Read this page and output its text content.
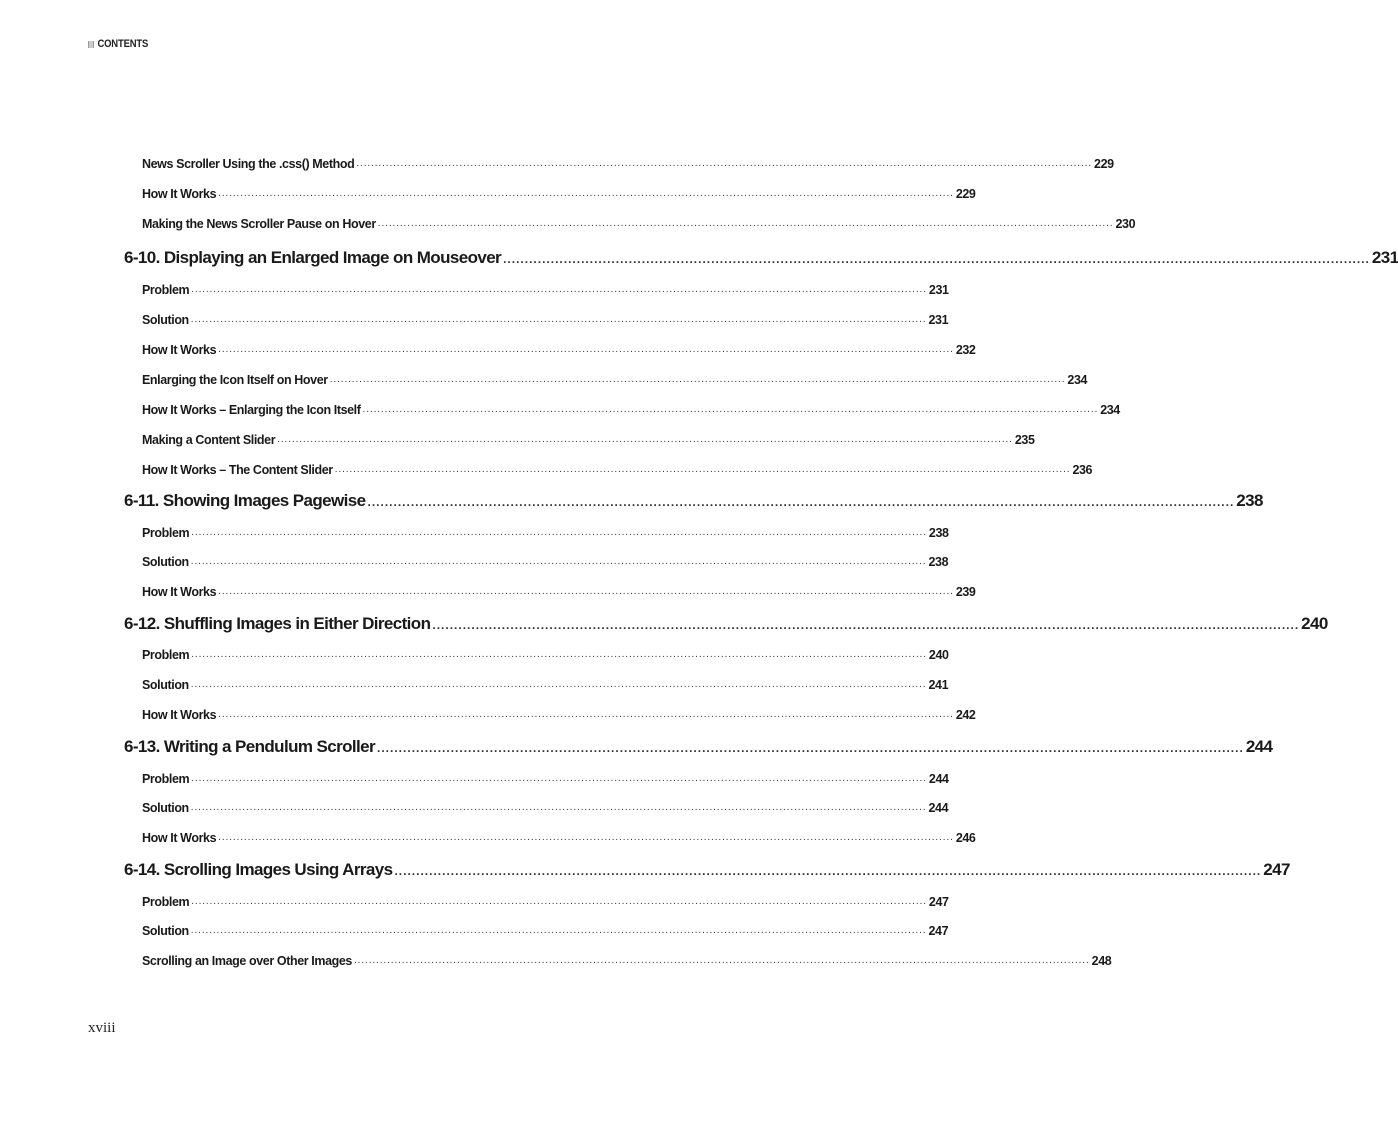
CONTENTS
News Scroller Using the .css() Method ........................................................................................................................................................................................................ 229
How It Works ........................................................................................................................................................................................................ 229
Making the News Scroller Pause on Hover ........................................................................................................................................................................................................ 230
6-10. Displaying an Enlarged Image on Mouseover ........................................................................................................................................................................................................ 231
Problem ........................................................................................................................................................................................................ 231
Solution ........................................................................................................................................................................................................ 231
How It Works ........................................................................................................................................................................................................ 232
Enlarging the Icon Itself on Hover ........................................................................................................................................................................................................ 234
How It Works – Enlarging the Icon Itself ........................................................................................................................................................................................................ 234
Making a Content Slider ........................................................................................................................................................................................................ 235
How It Works – The Content Slider ........................................................................................................................................................................................................ 236
6-11. Showing Images Pagewise ........................................................................................................................................................................................................ 238
Problem ........................................................................................................................................................................................................ 238
Solution ........................................................................................................................................................................................................ 238
How It Works ........................................................................................................................................................................................................ 239
6-12. Shuffling Images in Either Direction ........................................................................................................................................................................................................ 240
Problem ........................................................................................................................................................................................................ 240
Solution ........................................................................................................................................................................................................ 241
How It Works ........................................................................................................................................................................................................ 242
6-13. Writing a Pendulum Scroller ........................................................................................................................................................................................................ 244
Problem ........................................................................................................................................................................................................ 244
Solution ........................................................................................................................................................................................................ 244
How It Works ........................................................................................................................................................................................................ 246
6-14. Scrolling Images Using Arrays ........................................................................................................................................................................................................ 247
Problem ........................................................................................................................................................................................................ 247
Solution ........................................................................................................................................................................................................ 247
Scrolling an Image over Other Images ........................................................................................................................................................................................................ 248
xviii
